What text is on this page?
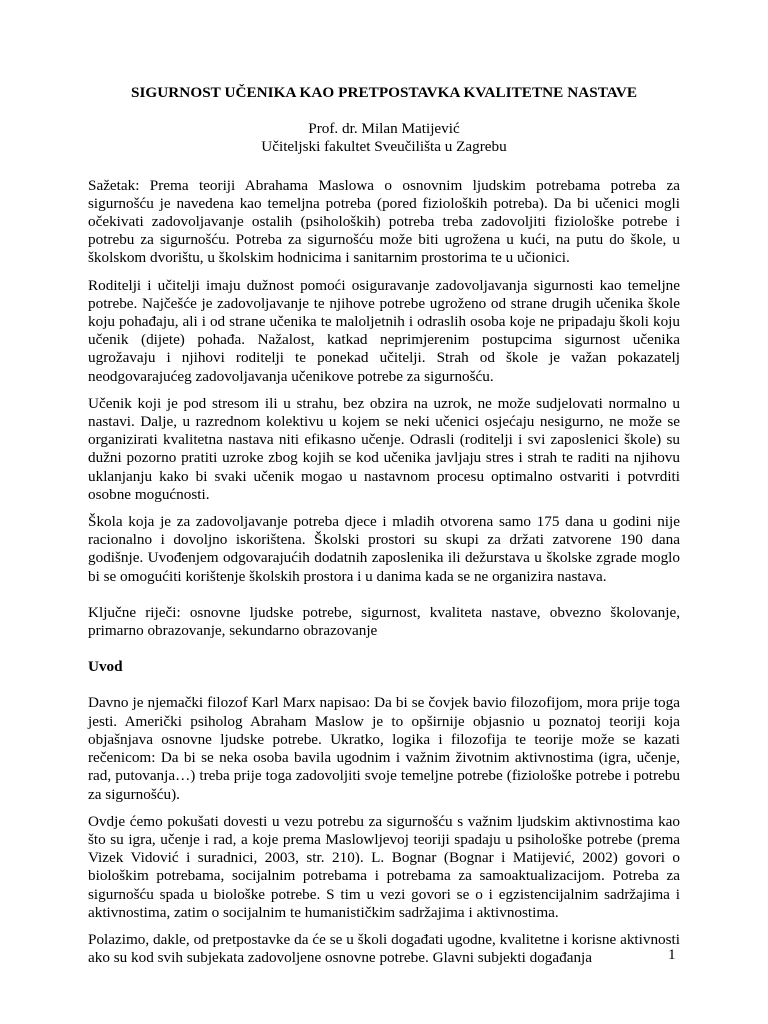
SIGURNOST UČENIKA KAO PRETPOSTAVKA KVALITETNE NASTAVE

Prof. dr. Milan Matijević

Učiteljski fakultet Sveučilišta u Zagrebu

Sažetak: Prema teoriji Abrahama Maslowa o osnovnim ljudskim potrebama potreba za sigurnošću je navedena kao temeljna potreba (pored fizioloških potreba). Da bi učenici mogli očekivati zadovoljavanje ostalih (psiholoških) potreba treba zadovoljiti fiziološke potrebe i potrebu za sigurnošću. Potreba za sigurnošću može biti ugrožena u kući, na putu do škole, u školskom dvorištu, u školskim hodnicima i sanitarnim prostorima te u učionici.

Roditelji i učitelji imaju dužnost pomoći osiguravanje zadovoljavanja sigurnosti kao temeljne potrebe. Najčešće je zadovoljavanje te njihove potrebe ugroženo od strane drugih učenika škole koju pohađaju, ali i od strane učenika te maloljetnih i odraslih osoba koje ne pripadaju školi koju učenik (dijete) pohađa. Nažalost, katkad neprimjerenim postupcima sigurnost učenika ugrožavaju i njihovi roditelji te ponekad učitelji. Strah od škole je važan pokazatelj neodgovarajućeg zadovoljavanja učenikove potrebe za sigurnošću.

Učenik koji je pod stresom ili u strahu, bez obzira na uzrok, ne može sudjelovati normalno u nastavi. Dalje, u razrednom kolektivu u kojem se neki učenici osjećaju nesigurno, ne može se organizirati kvalitetna nastava niti efikasno učenje. Odrasli (roditelji i svi zaposlenici škole) su dužni pozorno pratiti uzroke zbog kojih se kod učenika javljaju stres i strah te raditi na njihovu uklanjanju kako bi svaki učenik mogao u nastavnom procesu optimalno ostvariti i potvrditi osobne mogućnosti.

Škola koja je za zadovoljavanje potreba djece i mladih otvorena samo 175 dana u godini nije racionalno i dovoljno iskorištena. Školski prostori su skupi za držati zatvorene 190 dana godišnje. Uvođenjem odgovarajućih dodatnih zaposlenika ili dežurstava u školske zgrade moglo bi se omogućiti korištenje školskih prostora i u danima kada se ne organizira nastava.

Ključne riječi: osnovne ljudske potrebe, sigurnost, kvaliteta nastave, obvezno školovanje, primarno obrazovanje, sekundarno obrazovanje

Uvod

Davno je njemački filozof Karl Marx napisao: Da bi se čovjek bavio filozofijom, mora prije toga jesti. Američki psiholog Abraham Maslow je to opširnije objasnio u poznatoj teoriji koja objašnjava osnovne ljudske potrebe. Ukratko, logika i filozofija te teorije može se kazati rečenicom: Da bi se neka osoba bavila ugodnim i važnim životnim aktivnostima (igra, učenje, rad, putovanja…) treba prije toga zadovoljiti svoje temeljne potrebe (fiziološke potrebe i potrebu za sigurnošću).

Ovdje ćemo pokušati dovesti u vezu potrebu za sigurnošću s važnim ljudskim aktivnostima kao što su igra, učenje i rad, a koje prema Maslowljevoj teoriji spadaju u psihološke potrebe (prema Vizek Vidović i suradnici, 2003, str. 210). L. Bognar (Bognar i Matijević, 2002) govori o biološkim potrebama, socijalnim potrebama i potrebama za samoaktualizacijom. Potreba za sigurnošću spada u biološke potrebe. S tim u vezi govori se o i egzistencijalnim sadržajima i aktivnostima, zatim o socijalnim te humanističkim sadržajima i aktivnostima.

Polazimo, dakle, od pretpostavke da će se u školi događati ugodne, kvalitetne i korisne aktivnosti ako su kod svih subjekata zadovoljene osnovne potrebe. Glavni subjekti događanja	1
